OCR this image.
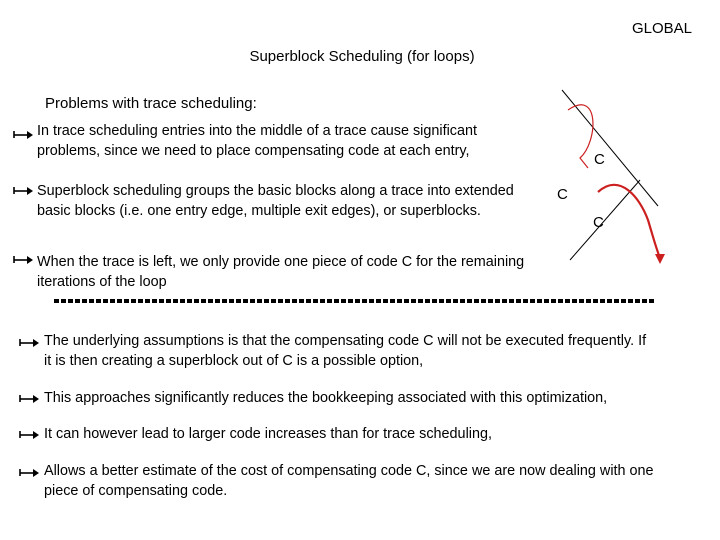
GLOBAL
Superblock Scheduling (for loops)
Problems with trace scheduling:

In trace scheduling entries into the middle of a trace cause significant problems, since we need to place compensating code at each entry,

Superblock scheduling groups the basic blocks along a trace into extended basic blocks (i.e. one entry edge, multiple exit edges), or superblocks.

When the trace is left, we only provide one piece of code C for the remaining iterations of the loop

C
C
C

The underlying assumptions is that the compensating code C will not be executed frequently. If it is then creating a superblock out of C is a possible option,

This approaches significantly reduces the bookkeeping associated with this optimization,

It can however lead to larger code increases than for trace scheduling,

Allows a better estimate of the cost of compensating code C, since we are now dealing with one piece of compensating code.
